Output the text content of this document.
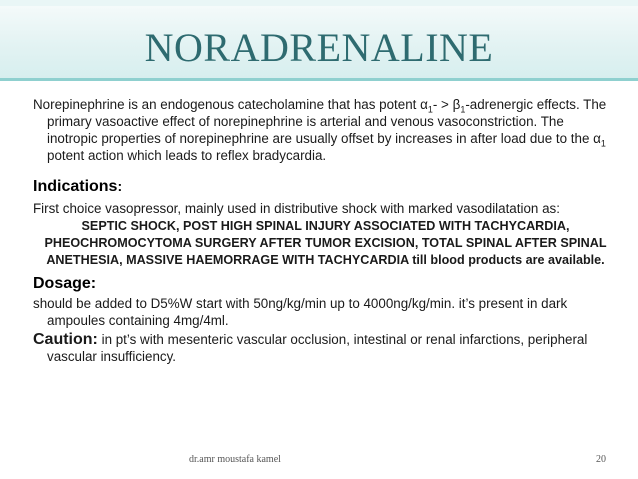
NORADRENALINE

Norepinephrine is an endogenous catecholamine that has potent $\alpha_1-$ > $\beta_1$-adrenergic effects. The primary vasoactive effect of norepinephrine is arterial and venous vasoconstriction. The inotropic properties of norepinephrine are usually offset by increases in after load due to the $\alpha_1$ potent action which leads to reflex bradycardia.

Indications:

First choice vasopressor, mainly used in distributive shock with marked vasodilatation as:

SEPTIC SHOCK, POST HIGH SPINAL INJURY ASSOCIATED WITH TACHYCARDIA, PHEOCHROMOCYTOMA SURGERY AFTER TUMOR EXCISION, TOTAL SPINAL AFTER SPINAL ANETHESIA, MASSIVE HAEMORRAGE WITH TACHYCARDIA till blood products are available.
Dosage:

should be added to D5%W start with 50ng/kg/min up to 4000ng/kg/min. it’s present in dark ampoules containing 4mg/4ml.

Caution: in pt’s with mesenteric vascular occlusion, intestinal or renal infarctions, peripheral vascular insufficiency.

dr.amr moustafa kamel	20
